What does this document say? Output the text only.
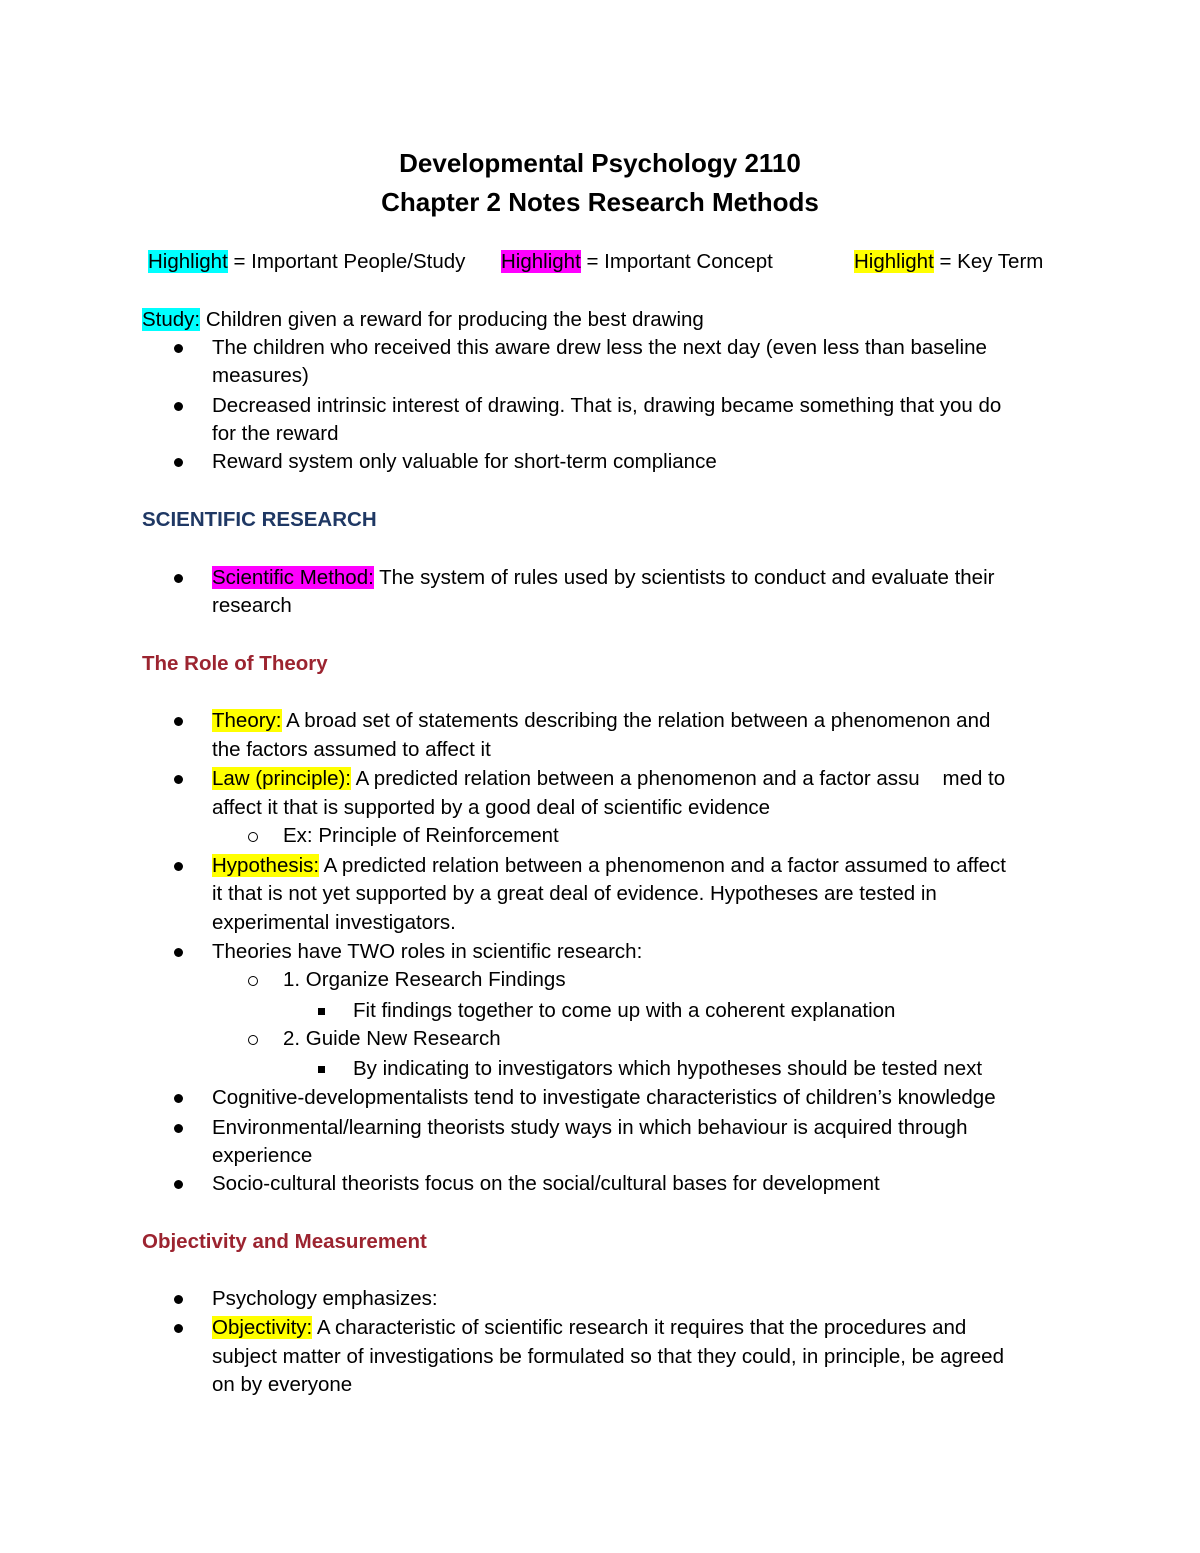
Developmental Psychology 2110
Chapter 2 Notes Research Methods
Highlight = Important People/Study Highlight = Important Concept	Highlight = Key Term
Study: Children given a reward for producing the best drawing
The children who received this aware drew less the next day (even less than baseline
measures)
Decreased intrinsic interest of drawing. That is, drawing became something that you do
for the reward
Reward system only valuable for short-term compliance
SCIENTIFIC RESEARCH
Scientific Method: The system of rules used by scientists to conduct and evaluate their
research
The Role of Theory
Theory: A broad set of statements describing the relation between a phenomenon and
the factors assumed to affect it
Law (principle): A predicted relation between a phenomenon and a factor assu    med to
affect it that is supported by a good deal of scientific evidence
Ex: Principle of Reinforcement
Hypothesis: A predicted relation between a phenomenon and a factor assumed to affect
it that is not yet supported by a great deal of evidence. Hypotheses are tested in
experimental investigators.
Theories have TWO roles in scientific research:
1. Organize Research Findings
Fit findings together to come up with a coherent explanation
2. Guide New Research
By indicating to investigators which hypotheses should be tested next
Cognitive-developmentalists tend to investigate characteristics of children’s knowledge
Environmental/learning theorists study ways in which behaviour is acquired through
experience
Socio-cultural theorists focus on the social/cultural bases for development
Objectivity and Measurement
Psychology emphasizes:
Objectivity: A characteristic of scientific research it requires that the procedures and
subject matter of investigations be formulated so that they could, in principle, be agreed
on by everyone
